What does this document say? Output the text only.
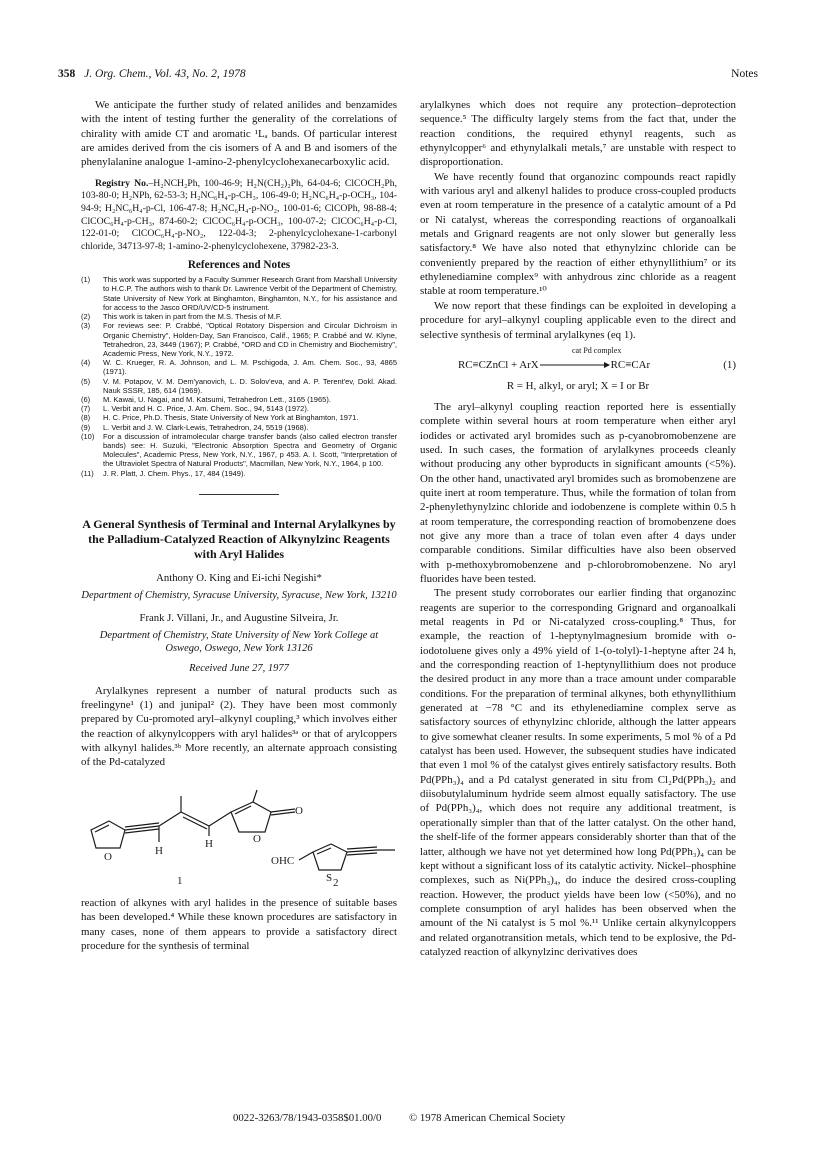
358 J. Org. Chem., Vol. 43, No. 2, 1978	Notes

We anticipate the further study of related anilides and benzamides with the intent of testing further the generality of the correlations of chirality with amide CT and aromatic ¹Lₐ bands. Of particular interest are amides derived from the cis isomers of A and B and isomers of the phenylalanine analogue 1-amino-2-phenylcyclohexanecarboxylic acid.

Registry No.–H₂NCH₂Ph, 100-46-9; H₂N(CH₂)₂Ph, 64-04-6; ClCOCH₂Ph, 103-80-0; H₂NPh, 62-53-3; H₂NC₆H₄-p-CH₃, 106-49-0; H₂NC₆H₄-p-OCH₃, 104-94-9; H₂NC₆H₄-p-Cl, 106-47-8; H₂NC₆H₄-p-NO₂, 100-01-6; ClCOPh, 98-88-4; ClCOC₆H₄-p-CH₃, 874-60-2; ClCOC₆H₄-p-OCH₃, 100-07-2; ClCOC₆H₄-p-Cl, 122-01-0; ClCOC₆H₄-p-NO₂, 122-04-3; 2-phenylcyclohexane-1-carbonyl chloride, 34713-97-8; 1-amino-2-phenylcyclohexene, 37982-23-3.

References and Notes
(1) This work was supported by a Faculty Summer Research Grant from Marshall University to H.C.P. The authors wish to thank Dr. Lawrence Verbit of the Department of Chemistry, State University of New York at Binghamton, Binghamton, N.Y., for his assistance and for access to the Jasco ORD/UV/CD-5 instrument.
(2) This work is taken in part from the M.S. Thesis of M.F.
(3) For reviews see: P. Crabbé, "Optical Rotatory Dispersion and Circular Dichroism in Organic Chemistry", Holden-Day, San Francisco, Calif., 1965; P. Crabbé and W. Klyne, Tetrahedron, 23, 3449 (1967); P. Crabbé, "ORD and CD in Chemistry and Biochemistry", Academic Press, New York, N.Y., 1972.
(4) W. C. Krueger, R. A. Johnson, and L. M. Pschigoda, J. Am. Chem. Soc., 93, 4865 (1971).
(5) V. M. Potapov, V. M. Dem'yanovich, L. D. Solov'eva, and A. P. Terent'ev, Dokl. Akad. Nauk SSSR, 185, 614 (1969).
(6) M. Kawai, U. Nagai, and M. Katsumi, Tetrahedron Lett., 3165 (1965).
(7) L. Verbit and H. C. Price, J. Am. Chem. Soc., 94, 5143 (1972).
(8) H. C. Price, Ph.D. Thesis, State University of New York at Binghamton, 1971.
(9) L. Verbit and J. W. Clark-Lewis, Tetrahedron, 24, 5519 (1968).
(10) For a discussion of intramolecular charge transfer bands (also called electron transfer bands) see: H. Suzuki, "Electronic Absorption Spectra and Geometry of Organic Molecules", Academic Press, New York, N.Y., 1967, p 453. A. I. Scott, "Interpretation of the Ultraviolet Spectra of Natural Products", Macmillan, New York, N.Y., 1964, p 100.
(11) J. R. Platt, J. Chem. Phys., 17, 484 (1949).
A General Synthesis of Terminal and Internal Arylalkynes by the Palladium-Catalyzed Reaction of Alkynylzinc Reagents with Aryl Halides
Anthony O. King and Ei-ichi Negishi*
Department of Chemistry, Syracuse University, Syracuse, New York, 13210
Frank J. Villani, Jr., and Augustine Silveira, Jr.
Department of Chemistry, State University of New York College at Oswego, Oswego, New York 13126
Received June 27, 1977

Arylalkynes represent a number of natural products such as freelingyne¹ (1) and junipal² (2). They have been most commonly prepared by Cu-promoted aryl–alkynyl coupling,³ which involves either the reaction of alkynylcoppers with aryl halides³ᵃ or that of arylcoppers with alkynyl halides.³ᵇ More recently, an alternate approach consisting of the Pd-catalyzed

O
O
O
H
H
OHC
S
1	2

reaction of alkynes with aryl halides in the presence of suitable bases has been developed.⁴ While these known procedures are satisfactory in many cases, none of them appears to provide a satisfactory direct procedure for the synthesis of terminal

arylalkynes which does not require any protection–deprotection sequence.⁵ The difficulty largely stems from the fact that, under the reaction conditions, the required ethynyl reagents, such as ethynylcopper⁶ and ethynylalkali metals,⁷ are unstable with respect to disproportionation.

We have recently found that organozinc compounds react rapidly with various aryl and alkenyl halides to produce cross-coupled products even at room temperature in the presence of a catalytic amount of a Pd or Ni catalyst, whereas the corresponding reactions of organoalkali metals and Grignard reagents are not only slower but generally less satisfactory.⁸ We have also noted that ethynylzinc chloride can be conveniently prepared by the reaction of either ethynyllithium⁷ or its ethylenediamine complex⁹ with anhydrous zinc chloride as a reagent stable at room temperature.¹⁰

We now report that these findings can be exploited in developing a procedure for aryl–alkynyl coupling applicable even to the direct and selective synthesis of terminal arylalkynes (eq 1).

cat Pd complex
RC≡CZnCl + ArX	RC≡CAr	(1)
R = H, alkyl, or aryl; X = I or Br

The aryl–alkynyl coupling reaction reported here is essentially complete within several hours at room temperature when either aryl iodides or activated aryl bromides such as p-cyanobromobenzene are used. In such cases, the formation of arylalkynes proceeds cleanly without producing any other byproducts in significant amounts (<5%). On the other hand, unactivated aryl bromides such as bromobenzene are quite inert at room temperature. Thus, while the formation of tolan from 2-phenylethynylzinc chloride and iodobenzene is complete within 0.5 h at room temperature, the corresponding reaction of bromobenzene does not give any more than a trace of tolan even after 4 days under comparable conditions. Similar difficulties have also been observed with p-methoxybromobenzene and p-chlorobromobenzene. No aryl fluorides have been tested.

The present study corroborates our earlier finding that organozinc reagents are superior to the corresponding Grignard and organoalkali metal reagents in Pd or Ni-catalyzed cross-coupling.⁸ Thus, for example, the reaction of 1-heptynylmagnesium bromide with o-iodotoluene gives only a 49% yield of 1-(o-tolyl)-1-heptyne after 24 h, and the corresponding reaction of 1-heptynyllithium does not produce the desired product in any more than a trace amount under comparable conditions. For the preparation of terminal alkynes, both ethynyllithium generated at −78 °C and its ethylenediamine complex serve as satisfactory sources of ethynylzinc chloride, although the latter appears to give somewhat cleaner results. In some experiments, 5 mol % of a Pd catalyst has been used. However, the subsequent studies have indicated that even 1 mol % of the catalyst gives entirely satisfactory results. Both Pd(PPh₃)₄ and a Pd catalyst generated in situ from Cl₂Pd(PPh₃)₂ and diisobutylaluminum hydride seem almost equally satisfactory. The use of Pd(PPh₃)₄, which does not require any additional treatment, is operationally simpler than that of the latter catalyst. On the other hand, the shelf-life of the former appears considerably shorter than that of the latter, although we have not yet determined how long Pd(PPh₃)₄ can be kept without a significant loss of its catalytic activity. Nickel–phosphine complexes, such as Ni(PPh₃)₄, do induce the desired cross-coupling reaction. However, the product yields have been low (<50%), and no complete consumption of aryl halides has been observed when the amount of the Ni catalyst is 5 mol %.¹¹ Unlike certain alkynylcoppers and related organotransition metals, which tend to be explosive, the Pd-catalyzed reaction of alkynylzinc derivatives does

0022-3263/78/1943-0358$01.00/0	© 1978 American Chemical Society
